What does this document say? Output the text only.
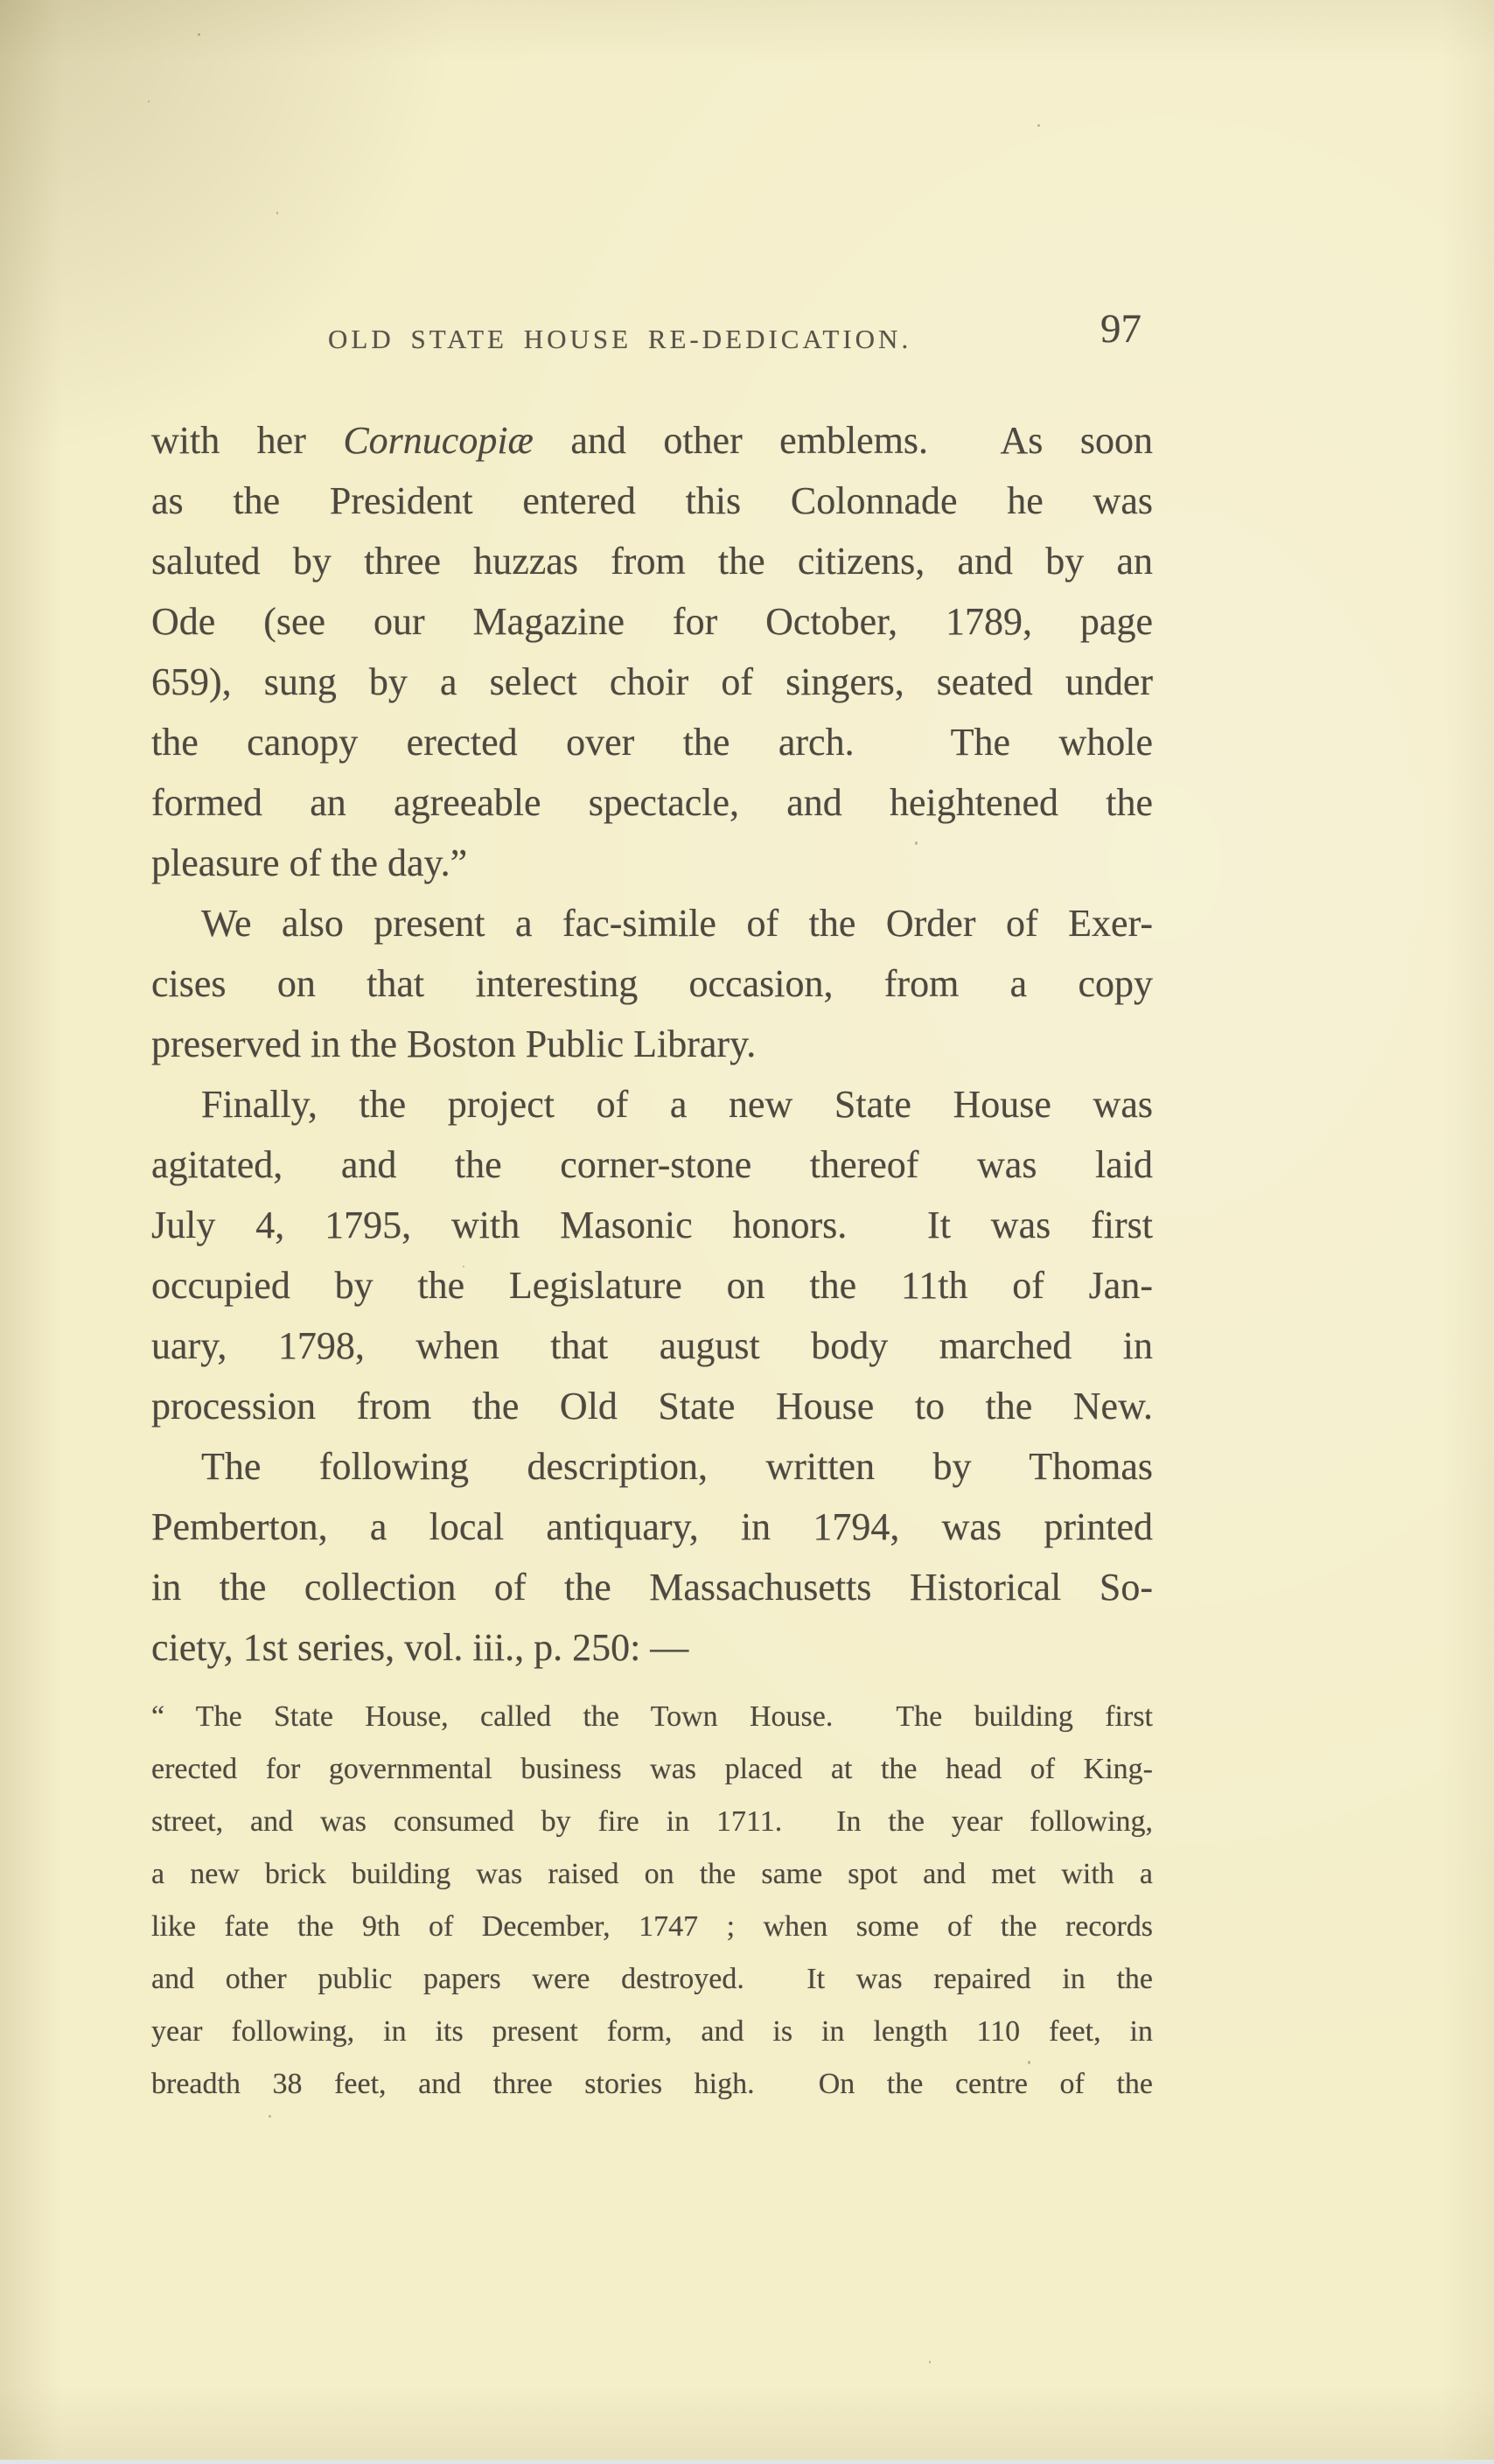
OLD STATE HOUSE RE-DEDICATION.	97
with her Cornucopiæ and other emblems.  As soon
as the President entered this Colonnade he was
saluted by three huzzas from the citizens, and by an
Ode (see our Magazine for October, 1789, page
659), sung by a select choir of singers, seated under
the canopy erected over the arch.  The whole
formed an agreeable spectacle, and heightened the
pleasure of the day.”
We also present a fac-simile of the Order of Exer-
cises on that interesting occasion, from a copy
preserved in the Boston Public Library.
Finally, the project of a new State House was
agitated, and the corner-stone thereof was laid
July 4, 1795, with Masonic honors.  It was first
occupied by the Legislature on the 11th of Jan-
uary, 1798, when that august body marched in
procession from the Old State House to the New.
The following description, written by Thomas
Pemberton, a local antiquary, in 1794, was printed
in the collection of the Massachusetts Historical So-
ciety, 1st series, vol. iii., p. 250: —
“ The State House, called the Town House.  The building first
erected for governmental business was placed at the head of King-
street, and was consumed by fire in 1711.  In the year following,
a new brick building was raised on the same spot and met with a
like fate the 9th of December, 1747 ; when some of the records
and other public papers were destroyed.  It was repaired in the
year following, in its present form, and is in length 110 feet, in
breadth 38 feet, and three stories high.  On the centre of the
